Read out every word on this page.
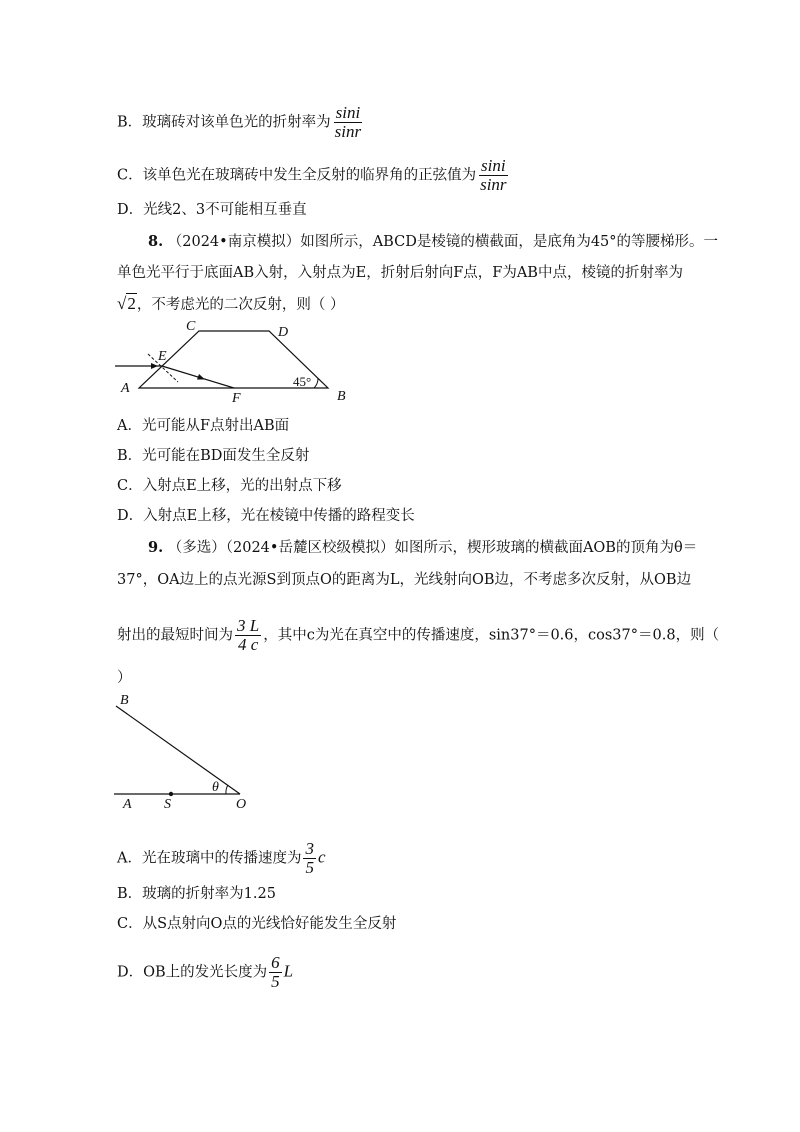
B．玻璃砖对该单色光的折射率为 $\frac{\sin i}{\sin r}$
C．该单色光在玻璃砖中发生全反射的临界角的正弦值为 $\frac{\sin i}{\sin r}$
D．光线2、3不可能相互垂直
8. （2024•南京模拟）如图所示，ABCD是棱镜的横截面，是底角为45°的等腰梯形。一
单色光平行于底面AB入射，入射点为E，折射后射向F点，F为AB中点，棱镜的折射率为
√2，不考虑光的二次反射，则（ ）
C	D
E
A
F	B
45°
A．光可能从F点射出AB面
B．光可能在BD面发生全反射
C．入射点E上移，光的出射点下移
D．入射点E上移，光在棱镜中传播的路程变长
9. （多选）（2024•岳麓区校级模拟）如图所示，楔形玻璃的横截面AOB的顶角为θ＝
37°，OA边上的点光源S到顶点O的距离为L，光线射向OB边，不考虑多次反射，从OB边
射出的最短时间为 $\frac{3 L}{4 c}$ ，其中c为光在真空中的传播速度，sin37°＝0.6，cos37°＝0.8，则（
）
B
A S	O
θ
A．光在玻璃中的传播速度为 $\frac{3}{5}$ c
B．玻璃的折射率为1.25
C．从S点射向O点的光线恰好能发生全反射
D．OB上的发光长度为 $\frac{6}{5}$ L
